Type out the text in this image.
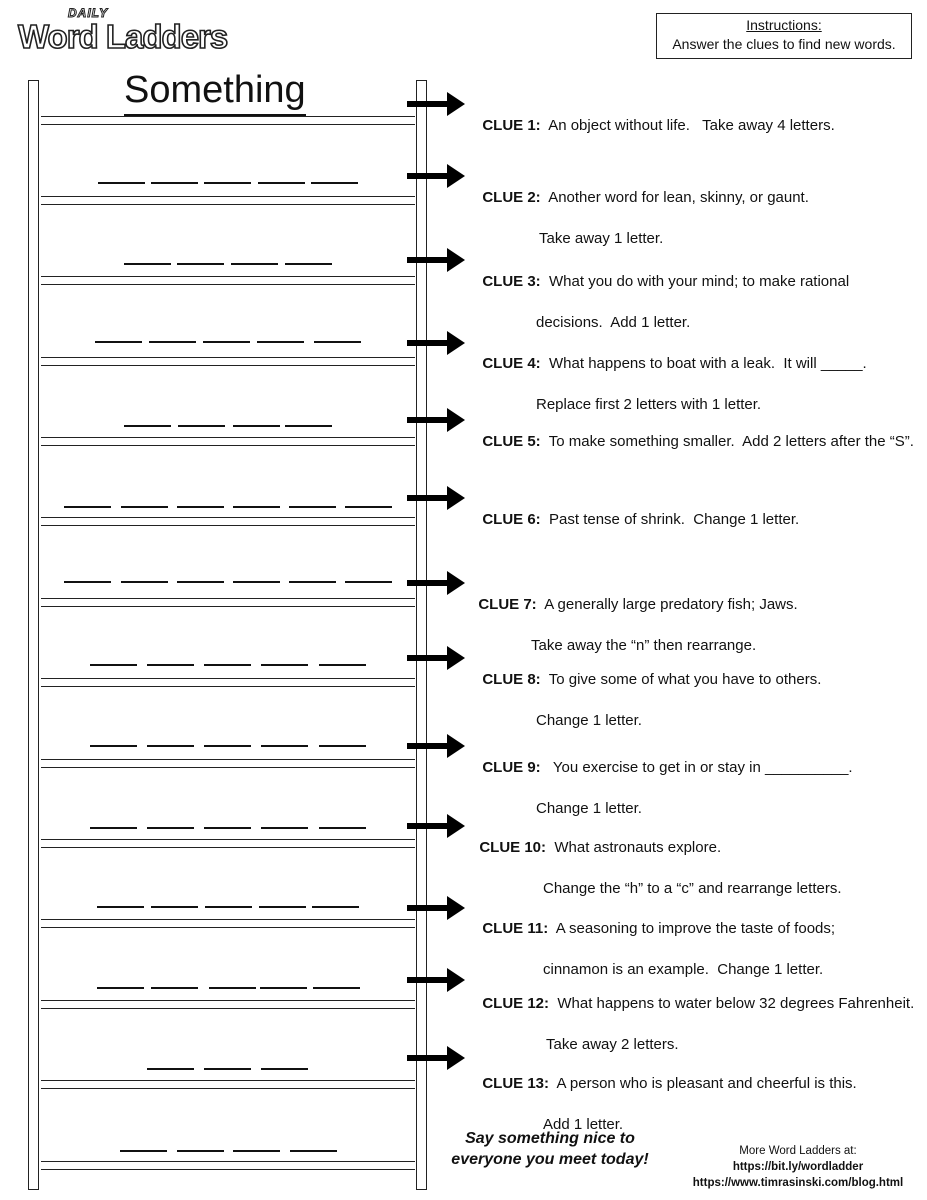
DAILY
Word Ladders	Instructions:
Answer the clues to find new words.
Something

CLUE 1:  An object without life.   Take away 4 letters.

CLUE 2:  Another word for lean, skinny, or gaunt.

Take away 1 letter.

CLUE 3:  What you do with your mind; to make rational

decisions.  Add 1 letter.

CLUE 4:  What happens to boat with a leak.  It will _____.

Replace first 2 letters with 1 letter.

CLUE 5:  To make something smaller.  Add 2 letters after the “S”.

CLUE 6:  Past tense of shrink.  Change 1 letter.

CLUE 7:  A generally large predatory fish; Jaws.

Take away the “n” then rearrange.

CLUE 8:  To give some of what you have to others.

Change 1 letter.

CLUE 9:   You exercise to get in or stay in __________.

Change 1 letter.

CLUE 10:  What astronauts explore.

Change the “h” to a “c” and rearrange letters.

CLUE 11:  A seasoning to improve the taste of foods;

cinnamon is an example.  Change 1 letter.

CLUE 12:  What happens to water below 32 degrees Fahrenheit.

Take away 2 letters.

CLUE 13:  A person who is pleasant and cheerful is this.

Add 1 letter.

Say something nice to
everyone you meet today!	More Word Ladders at:
https://bit.ly/wordladder
https://www.timrasinski.com/blog.html
